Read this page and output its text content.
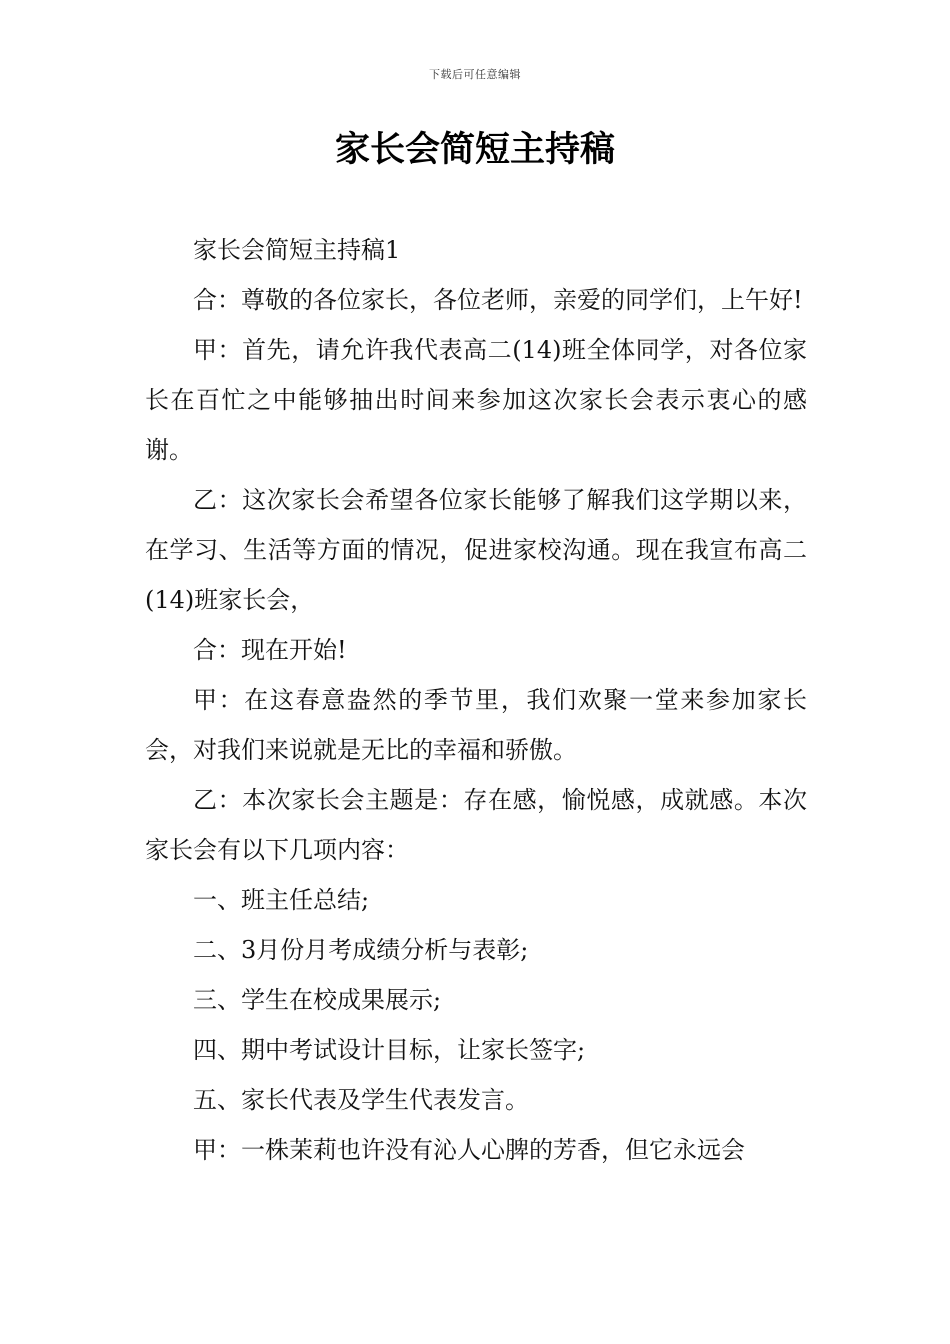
下载后可任意编辑
家长会简短主持稿

家长会简短主持稿1

合：尊敬的各位家长，各位老师，亲爱的同学们，上午好!

甲：首先，请允许我代表高二(14)班全体同学，对各位家长在百忙之中能够抽出时间来参加这次家长会表示衷心的感谢。

乙：这次家长会希望各位家长能够了解我们这学期以来，在学习、生活等方面的情况，促进家校沟通。现在我宣布高二(14)班家长会，

合：现在开始!

甲：在这春意盎然的季节里，我们欢聚一堂来参加家长会，对我们来说就是无比的幸福和骄傲。

乙：本次家长会主题是：存在感，愉悦感，成就感。本次家长会有以下几项内容：

一、班主任总结;

二、3月份月考成绩分析与表彰;

三、学生在校成果展示;

四、期中考试设计目标，让家长签字;

五、家长代表及学生代表发言。

甲：一株茉莉也许没有沁人心脾的芳香，但它永远会
